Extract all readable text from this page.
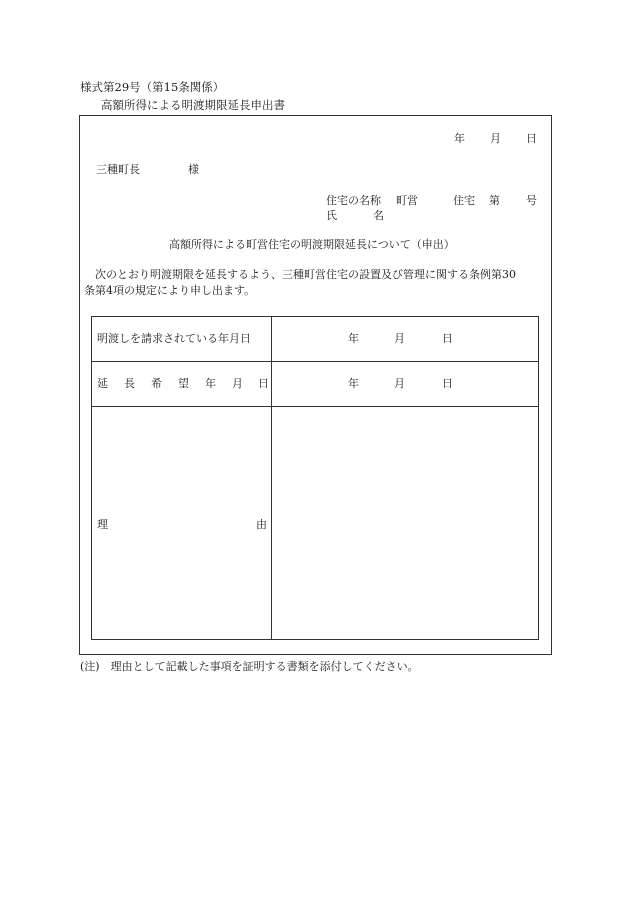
様式第29号（第15条関係）
高額所得による明渡期限延長申出書
年 月 日
三種町長	様
住宅の名称 町営	住宅 第 号
氏	名
高額所得による町営住宅の明渡期限延長について（申出）
次のとおり明渡期限を延長するよう、三種町営住宅の設置及び管理に関する条例第30
条第4項の規定により申し出ます。
明渡しを請求されている年月日	年	月	日
延 長 希 望 年 月 日	年	月	日
理	由
(注)　理由として記載した事項を証明する書類を添付してください。
